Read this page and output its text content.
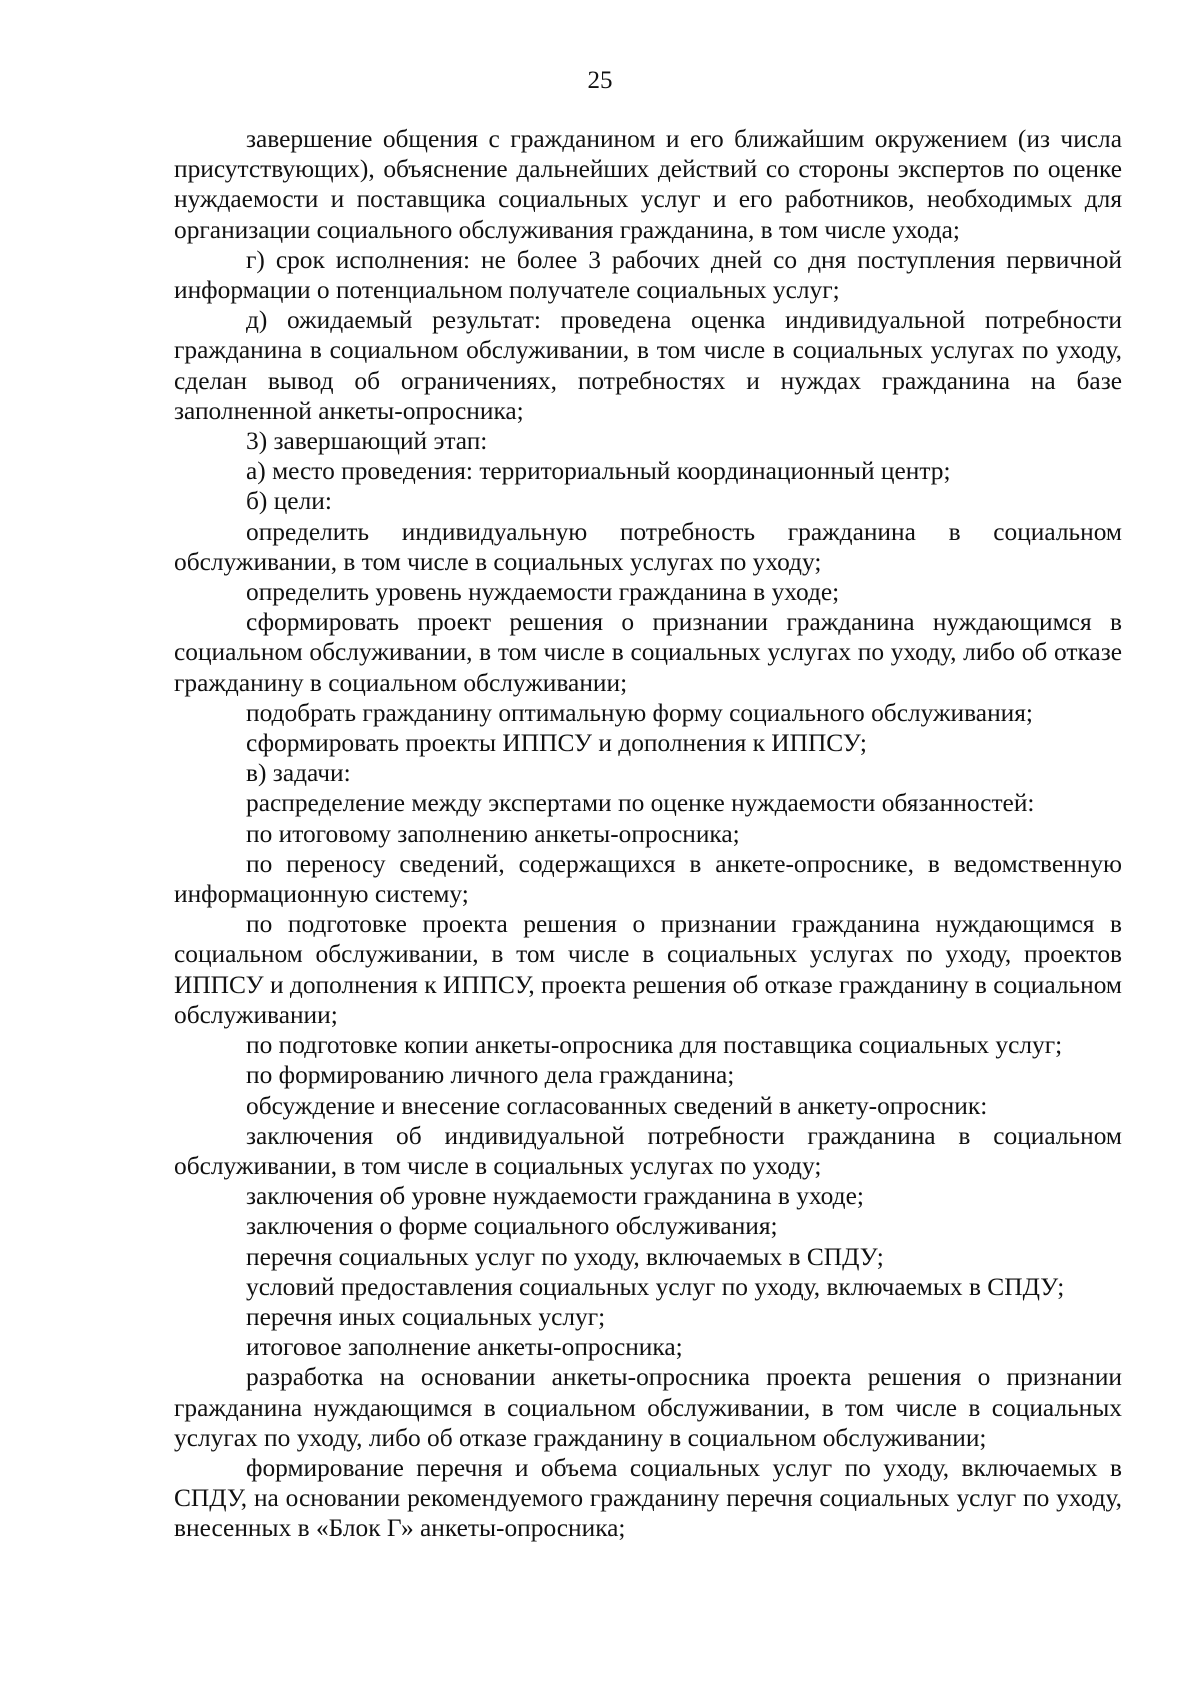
25

завершение общения с гражданином и его ближайшим окружением (из числа присутствующих), объяснение дальнейших действий со стороны экспертов по оценке нуждаемости и поставщика социальных услуг и его работников, необходимых для организации социального обслуживания гражданина, в том числе ухода;

г) срок исполнения: не более 3 рабочих дней со дня поступления первичной информации о потенциальном получателе социальных услуг;

д) ожидаемый результат: проведена оценка индивидуальной потребности гражданина в социальном обслуживании, в том числе в социальных услугах по уходу, сделан вывод об ограничениях, потребностях и нуждах гражданина на базе заполненной анкеты-опросника;

3) завершающий этап:

а) место проведения: территориальный координационный центр;

б) цели:

определить индивидуальную потребность гражданина в социальном обслуживании, в том числе в социальных услугах по уходу;

определить уровень нуждаемости гражданина в уходе;

сформировать проект решения о признании гражданина нуждающимся в социальном обслуживании, в том числе в социальных услугах по уходу, либо об отказе гражданину в социальном обслуживании;

подобрать гражданину оптимальную форму социального обслуживания;

сформировать проекты ИППСУ и дополнения к ИППСУ;

в) задачи:

распределение между экспертами по оценке нуждаемости обязанностей:

по итоговому заполнению анкеты-опросника;

по переносу сведений, содержащихся в анкете-опроснике, в ведомственную информационную систему;

по подготовке проекта решения о признании гражданина нуждающимся в социальном обслуживании, в том числе в социальных услугах по уходу, проектов ИППСУ и дополнения к ИППСУ, проекта решения об отказе гражданину в социальном обслуживании;

по подготовке копии анкеты-опросника для поставщика социальных услуг;

по формированию личного дела гражданина;

обсуждение и внесение согласованных сведений в анкету-опросник:

заключения об индивидуальной потребности гражданина в социальном обслуживании, в том числе в социальных услугах по уходу;

заключения об уровне нуждаемости гражданина в уходе;

заключения о форме социального обслуживания;

перечня социальных услуг по уходу, включаемых в СПДУ;

условий предоставления социальных услуг по уходу, включаемых в СПДУ;

перечня иных социальных услуг;

итоговое заполнение анкеты-опросника;

разработка на основании анкеты-опросника проекта решения о признании гражданина нуждающимся в социальном обслуживании, в том числе в социальных услугах по уходу, либо об отказе гражданину в социальном обслуживании;

формирование перечня и объема социальных услуг по уходу, включаемых в СПДУ, на основании рекомендуемого гражданину перечня социальных услуг по уходу, внесенных в «Блок Г» анкеты-опросника;
